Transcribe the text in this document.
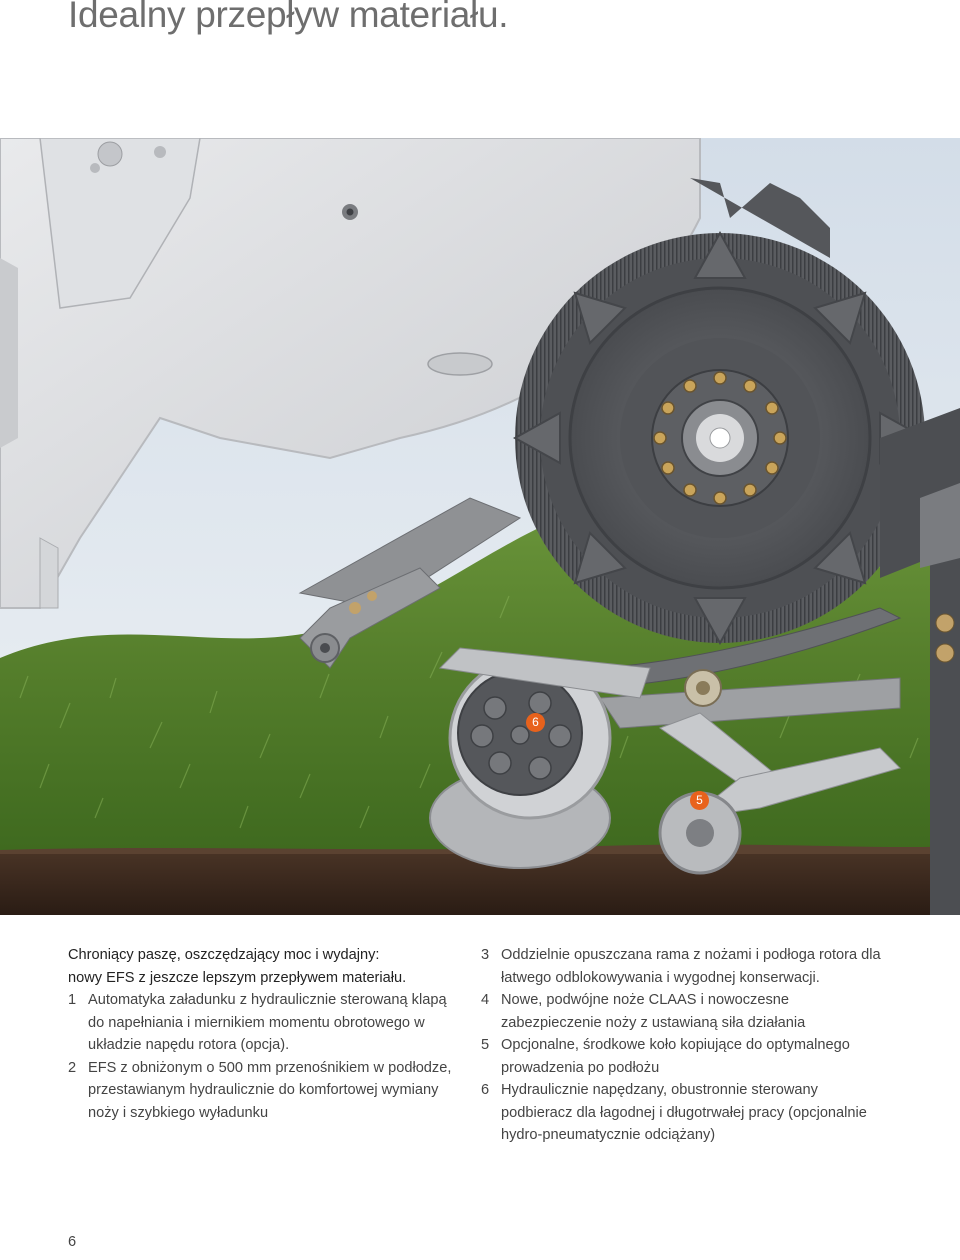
Idealny przepływ materiału.
6
5
Chroniący paszę, oszczędzający moc i wydajny:
nowy EFS z jeszcze lepszym przepływem materiału.
1 Automatyka załadunku z hydraulicznie sterowaną klapą do napełniania i miernikiem momentu obrotowego w układzie napędu rotora (opcja).
2 EFS z obniżonym o 500 mm przenośnikiem w podłodze, przestawianym hydraulicznie do komfortowej wymiany noży i szybkiego wyładunku
3 Oddzielnie opuszczana rama z nożami i podłoga rotora dla łatwego odblokowywania i wygodnej konserwacji.
4 Nowe, podwójne noże CLAAS i nowoczesne zabezpieczenie noży z ustawianą siła działania
5 Opcjonalne, środkowe koło kopiujące do optymalnego prowadzenia po podłożu
6 Hydraulicznie napędzany, obustronnie sterowany podbieracz dla łagodnej i długotrwałej pracy (opcjonalnie hydro-pneumatycznie odciążany)
6
